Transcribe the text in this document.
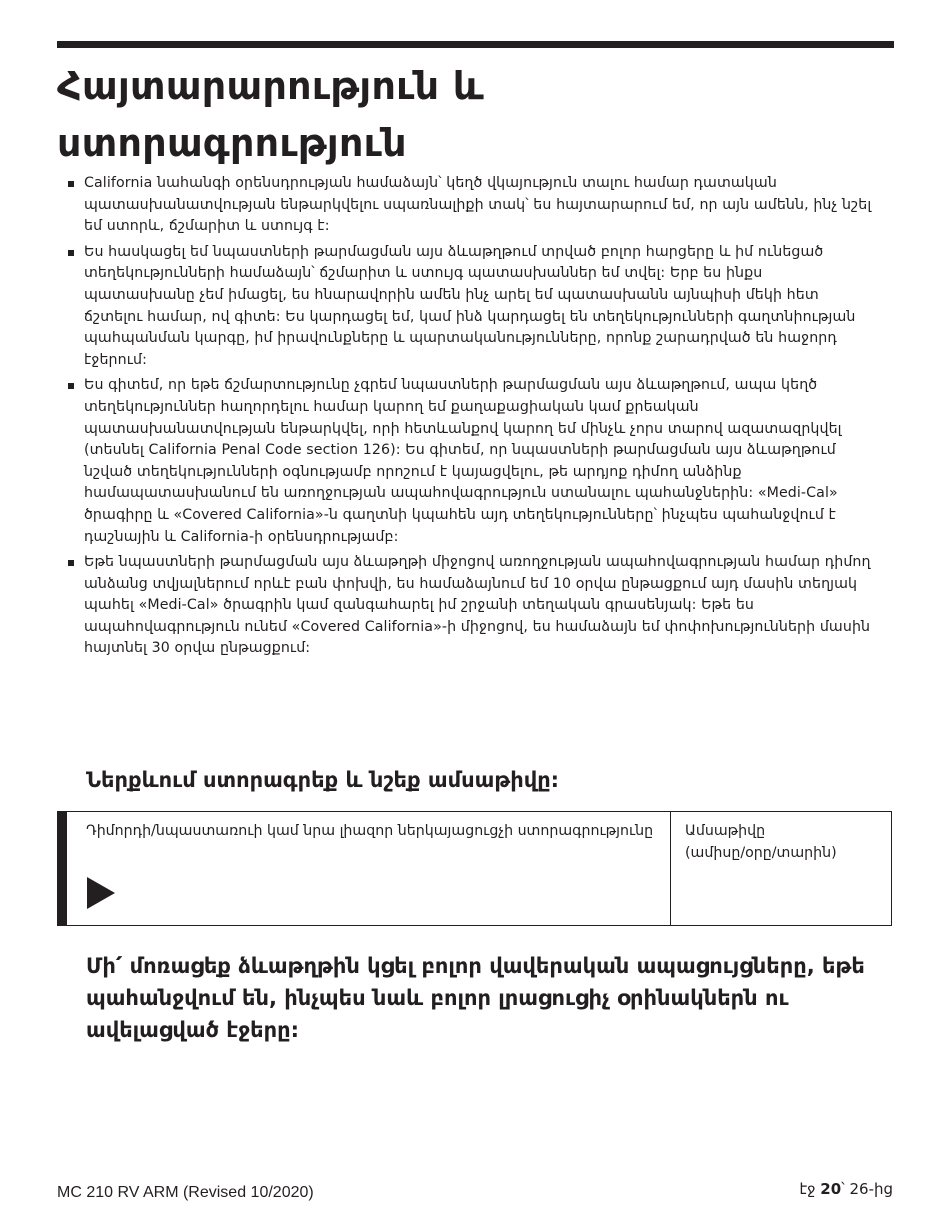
Հայտարարություն և
ստորագրություն
California նահանգի օրենսդրության համաձայն՝ կեղծ վկայություն տալու համար դատական պատասխանատվության ենթարկվելու սպառնալիքի տակ՝ ես հայտարարում եմ, որ այն ամենն, ինչ նշել եմ ստորև, ճշմարիտ և ստույգ է:
Ես հասկացել եմ նպաստների թարմացման այս ձևաթղթում տրված բոլոր հարցերը և իմ ունեցած տեղեկությունների համաձայն՝ ճշմարիտ և ստույգ պատասխաններ եմ տվել: Երբ ես ինքս պատասխանը չեմ իմացել, ես հնարավորին ամեն ինչ արել եմ պատասխանն այնպիսի մեկի հետ ճշտելու համար, ով գիտե: Ես կարդացել եմ, կամ ինձ կարդացել են տեղեկությունների գաղտնիության պահպանման կարգը, իմ իրավունքները և պարտականությունները, որոնք շարադրված են հաջորդ էջերում:
Ես գիտեմ, որ եթե ճշմարտությունը չգրեմ նպաստների թարմացման այս ձևաթղթում, ապա կեղծ տեղեկություններ հաղորդելու համար կարող եմ քաղաքացիական կամ քրեական պատասխանատվության ենթարկվել, որի հետևանքով կարող եմ մինչև չորս տարով ազատազրկվել (տեսնել California Penal Code section 126): Ես գիտեմ, որ նպաստների թարմացման այս ձևաթղթում նշված տեղեկությունների օգնությամբ որոշում է կայացվելու, թե արդյոք դիմող անձինք համապատասխանում են առողջության ապահովագրություն ստանալու պահանջներին: «Medi-Cal» ծրագիրը և «Covered California»-ն գաղտնի կպահեն այդ տեղեկությունները՝ ինչպես պահանջվում է դաշնային և California-ի օրենսդրությամբ:
Եթե նպաստների թարմացման այս ձևաթղթի միջոցով առողջության ապահովագրության համար դիմող անձանց տվյալներում որևէ բան փոխվի, ես համաձայնում եմ 10 օրվա ընթացքում այդ մասին տեղյակ պահել «Medi-Cal» ծրագրին կամ զանգահարել իմ շրջանի տեղական գրասենյակ: Եթե ես ապահովագրություն ունեմ «Covered California»-ի միջոցով, ես համաձայն եմ փոփոխությունների մասին հայտնել 30 օրվա ընթացքում:
Ներքևում ստորագրեք և նշեք ամսաթիվը:
Դիմորդի/նպաստառուի կամ նրա լիազոր ներկայացուցչի ստորագրությունը	Ամսաթիվը
(ամիսը/օրը/տարին)

Մի՛ մոռացեք ձևաթղթին կցել բոլոր վավերական ապացույցները, եթե պահանջվում են, ինչպես նաև բոլոր լրացուցիչ օրինակներն ու ավելացված էջերը:

MC 210 RV ARM (Revised 10/2020)	էջ 20՝ 26-ից
